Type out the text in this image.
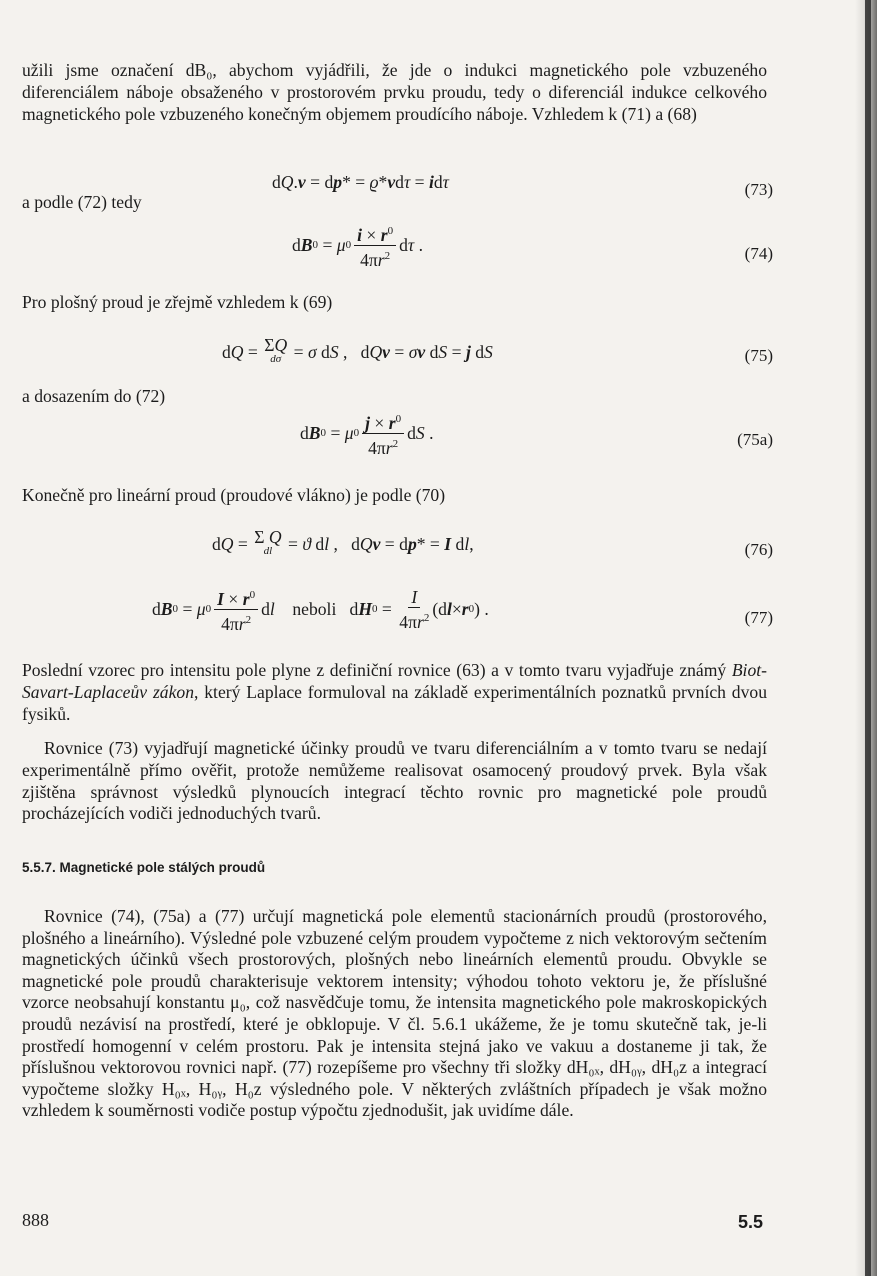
užili jsme označení dB₀, abychom vyjádřili, že jde o indukci magnetického pole vzbuzeného diferenciálem náboje obsaženého v prostorovém prvku proudu, tedy o diferenciál indukce celkového magnetického pole vzbuzeného konečným objemem proudícího náboje. Vzhledem k (71) a (68)

a podle (72) tedy
d Q . v = d p * = ϱ * v d τ = i d τ	(73)
d B 0 = μ $0 \frac{i \times r^0}{4\pi r^2}$ d τ .	(74)
Pro plošný proud je zřejmě vzhledem k (69)
d Q = ΣQ
dσ = σ d S ,   d Q v = σ v d S = j d S	(75)
a dosazením do (72)
d B 0 = μ $0 \frac{j \times r^0}{4\pi r^2}$ d S .	(75a)
Konečně pro lineární proud (proudové vlákno) je podle (70)
d Q = Σ Q
dl = ϑ d l ,   d Q v = d p * = I d l ,	(76)
d B 0 = μ $0 \frac{I \times r^0}{4\pi r^2}$ d l
neboli d H $0 = \frac{I}{4\pi r^2} (d$ l × r 0 ) .	(77)

Poslední vzorec pro intensitu pole plyne z definiční rovnice (63) a v tomto tvaru vyjadřuje známý Biot-Savart-Laplaceův zákon, který Laplace formuloval na základě experimentálních poznatků prvních dvou fysiků.

Rovnice (73) vyjadřují magnetické účinky proudů ve tvaru diferenciálním a v tomto tvaru se nedají experimentálně přímo ověřit, protože nemůžeme realisovat osamocený proudový prvek. Byla však zjištěna správnost výsledků plynoucích integrací těchto rovnic pro magnetické pole proudů procházejících vodiči jednoduchých tvarů.

5.5.7. Magnetické pole stálých proudů

Rovnice (74), (75a) a (77) určují magnetická pole elementů stacionárních proudů (prostorového, plošného a lineárního). Výsledné pole vzbuzené celým proudem vypočteme z nich vektorovým sečtením magnetických účinků všech prostorových, plošných nebo lineárních elementů proudu. Obvykle se magnetické pole proudů charakterisuje vektorem intensity; výhodou tohoto vektoru je, že příslušné vzorce neobsahují konstantu μ₀, což nasvědčuje tomu, že intensita magnetického pole makroskopických proudů nezávisí na prostředí, které je obklopuje. V čl. 5.6.1 ukážeme, že je tomu skutečně tak, je-li prostředí homogenní v celém prostoru. Pak je intensita stejná jako ve vakuu a dostaneme ji tak, že příslušnou vektorovou rovnici např. (77) rozepíšeme pro všechny tři složky dH₀ₓ, dH₀ᵧ, dH₀z a integrací vypočteme složky H₀ₓ, H₀ᵧ, H₀z výsledného pole. V některých zvláštních případech je však možno vzhledem k souměrnosti vodiče postup výpočtu zjednodušit, jak uvidíme dále.

888	5.5
